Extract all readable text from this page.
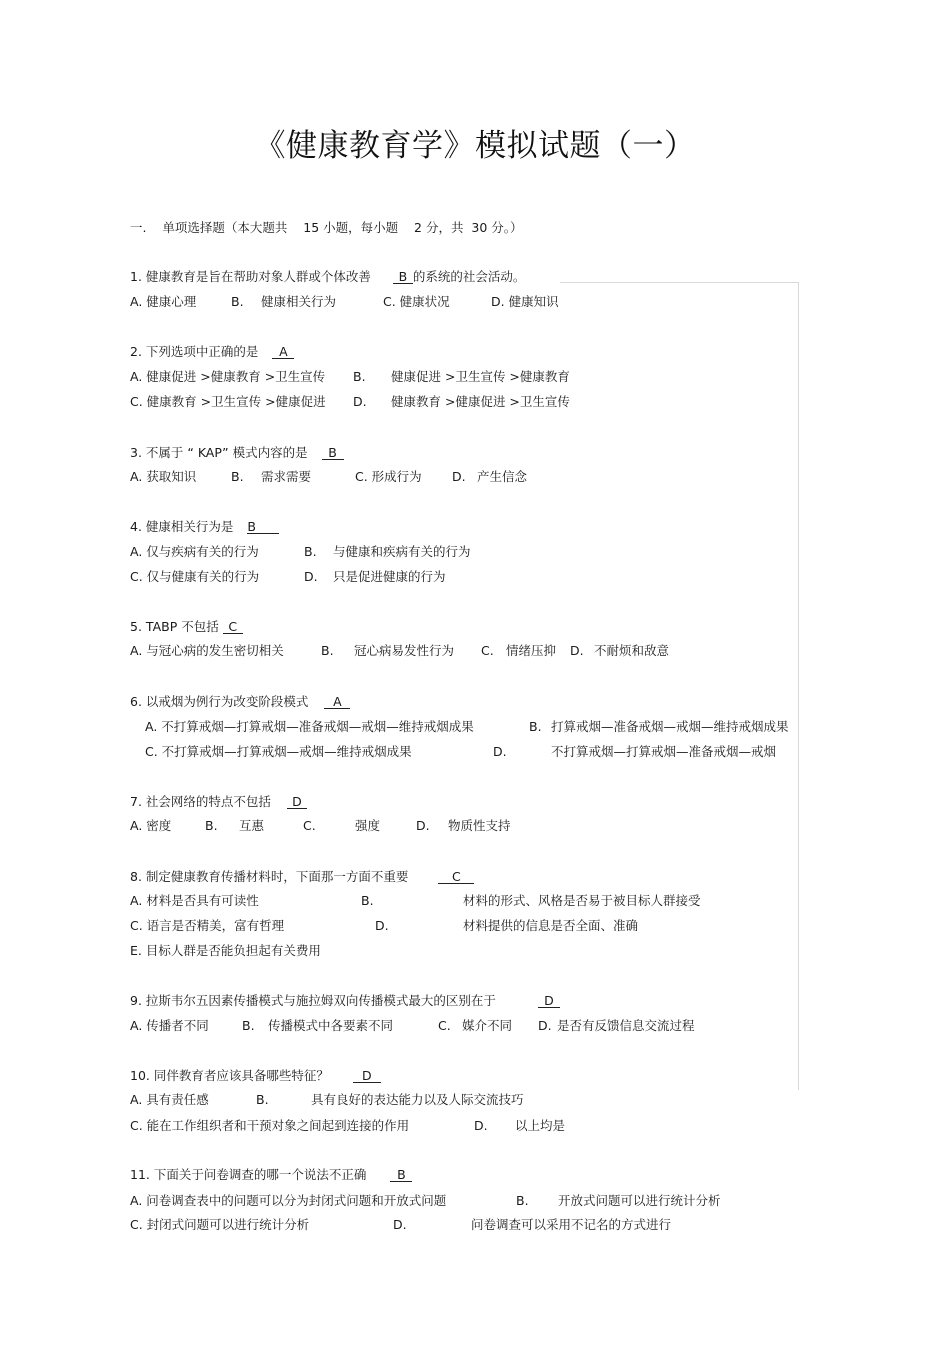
《健康教育学》模拟试题（一）
一.    单项选择题（本大题共    15 小题，每小题    2 分，共  30 分。）
1. 健康教育是旨在帮助对象人群或个体改善 B 的系统的社会活动。
A. 健康心理	B. 健康相关行为	C. 健康状况	D. 健康知识
2. 下列选项中正确的是 A
A. 健康促进 >健康教育 >卫生宣传 B. 健康促进 >卫生宣传 >健康教育
C. 健康教育 >卫生宣传 >健康促进 D. 健康教育 >健康促进 >卫生宣传
3. 不属于 “ KAP” 模式内容的是 B
A. 获取知识	B. 需求需要	C. 形成行为 D. 产生信念
4. 健康相关行为是 B
A. 仅与疾病有关的行为	B. 与健康和疾病有关的行为
C. 仅与健康有关的行为	D. 只是促进健康的行为
5. TABP 不包括 C
A. 与冠心病的发生密切相关	B. 冠心病易发性行为 C. 情绪压抑 D. 不耐烦和敌意
6. 以戒烟为例行为改变阶段模式 A
A. 不打算戒烟—打算戒烟—准备戒烟—戒烟—维持戒烟成果	B. 打算戒烟—准备戒烟—戒烟—维持戒烟成果
C. 不打算戒烟—打算戒烟—戒烟—维持戒烟成果	D.	不打算戒烟—打算戒烟—准备戒烟—戒烟
7. 社会网络的特点不包括 D
A. 密度	B. 互惠	C.	强度	D. 物质性支持
8. 制定健康教育传播材料时，下面那一方面不重要	C
A. 材料是否具有可读性	B.	材料的形式、风格是否易于被目标人群接受
C. 语言是否精美，富有哲理	D.	材料提供的信息是否全面、准确
E. 目标人群是否能负担起有关费用
9. 拉斯韦尔五因素传播模式与施拉姆双向传播模式最大的区别在于	D
A. 传播者不同	B. 传播模式中各要素不同	C. 媒介不同 D. 是否有反馈信息交流过程
10. 同伴教育者应该具备哪些特征？	D
A. 具有责任感	B.	具有良好的表达能力以及人际交流技巧
C. 能在工作组织者和干预对象之间起到连接的作用	D. 以上均是
11. 下面关于问卷调查的哪一个说法不正确 B
A. 问卷调查表中的问题可以分为封闭式问题和开放式问题	B. 开放式问题可以进行统计分析
C. 封闭式问题可以进行统计分析	D.	问卷调查可以采用不记名的方式进行
